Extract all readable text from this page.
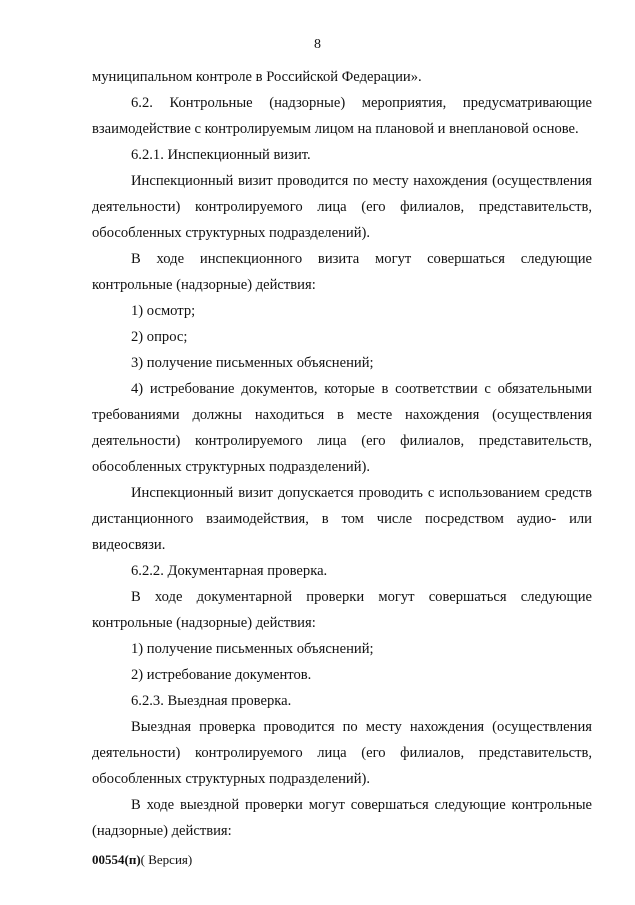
8
муниципальном контроле в Российской Федерации».
6.2. Контрольные (надзорные) мероприятия, предусматривающие
взаимодействие с контролируемым лицом на плановой и внеплановой основе.
6.2.1. Инспекционный визит.
Инспекционный визит проводится по месту нахождения (осуществления
деятельности) контролируемого лица (его филиалов, представительств,
обособленных структурных подразделений).
В ходе инспекционного визита могут совершаться следующие
контрольные (надзорные) действия:
1) осмотр;
2) опрос;
3) получение письменных объяснений;
4) истребование документов, которые в соответствии с обязательными
требованиями должны находиться в месте нахождения (осуществления
деятельности) контролируемого лица (его филиалов, представительств,
обособленных структурных подразделений).
Инспекционный визит допускается проводить с использованием средств
дистанционного взаимодействия, в том числе посредством аудио- или
видеосвязи.
6.2.2. Документарная проверка.
В ходе документарной проверки могут совершаться следующие
контрольные (надзорные) действия:
1) получение письменных объяснений;
2) истребование документов.
6.2.3. Выездная проверка.
Выездная проверка проводится по месту нахождения (осуществления
деятельности) контролируемого лица (его филиалов, представительств,
обособленных структурных подразделений).
В ходе выездной проверки могут совершаться следующие контрольные
(надзорные) действия:
00554(п)( Версия)
